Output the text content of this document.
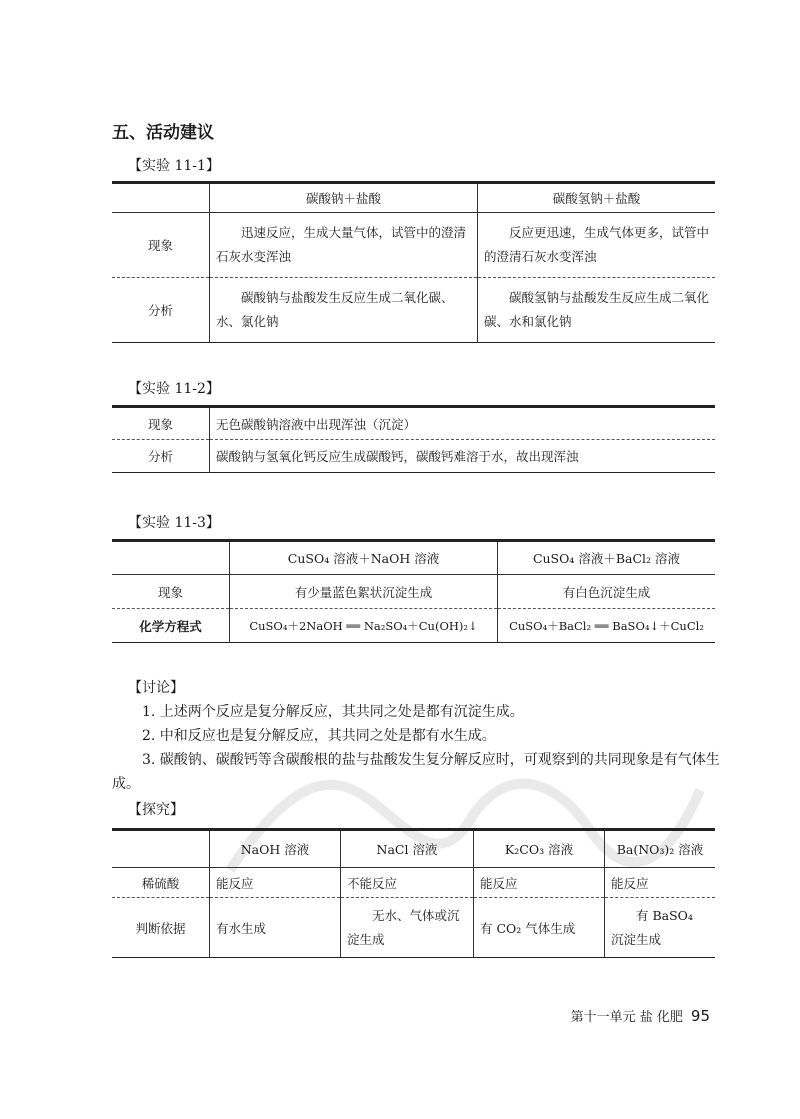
五、活动建议
【实验 11-1】
	碳酸钠＋盐酸	碳酸氢钠＋盐酸
现象	迅速反应，生成大量气体，试管中的澄清石灰水变浑浊	反应更迅速，生成气体更多，试管中的澄清石灰水变浑浊
分析	碳酸钠与盐酸发生反应生成二氧化碳、水、氯化钠	碳酸氢钠与盐酸发生反应生成二氧化碳、水和氯化钠
【实验 11-2】
现象	无色碳酸钠溶液中出现浑浊（沉淀）
分析	碳酸钠与氢氧化钙反应生成碳酸钙，碳酸钙难溶于水，故出现浑浊
【实验 11-3】
	CuSO₄ 溶液＋NaOH 溶液	CuSO₄ 溶液＋BaCl₂ 溶液
现象	有少量蓝色絮状沉淀生成	有白色沉淀生成
化学方程式	CuSO₄＋2NaOH ══ Na₂SO₄＋Cu(OH)₂↓	CuSO₄＋BaCl₂ ══ BaSO₄↓＋CuCl₂
【讨论】
1. 上述两个反应是复分解反应，其共同之处是都有沉淀生成。
2. 中和反应也是复分解反应，其共同之处是都有水生成。
3. 碳酸钠、碳酸钙等含碳酸根的盐与盐酸发生复分解反应时，可观察到的共同现象是有气体生成。
【探究】
	NaOH 溶液	NaCl 溶液	K₂CO₃ 溶液	Ba(NO₃)₂ 溶液
稀硫酸	能反应	不能反应	能反应	能反应
判断依据	有水生成	无水、气体或沉淀生成	有 CO₂ 气体生成	有 BaSO₄ 沉淀生成
第十一单元 盐 化肥 95
